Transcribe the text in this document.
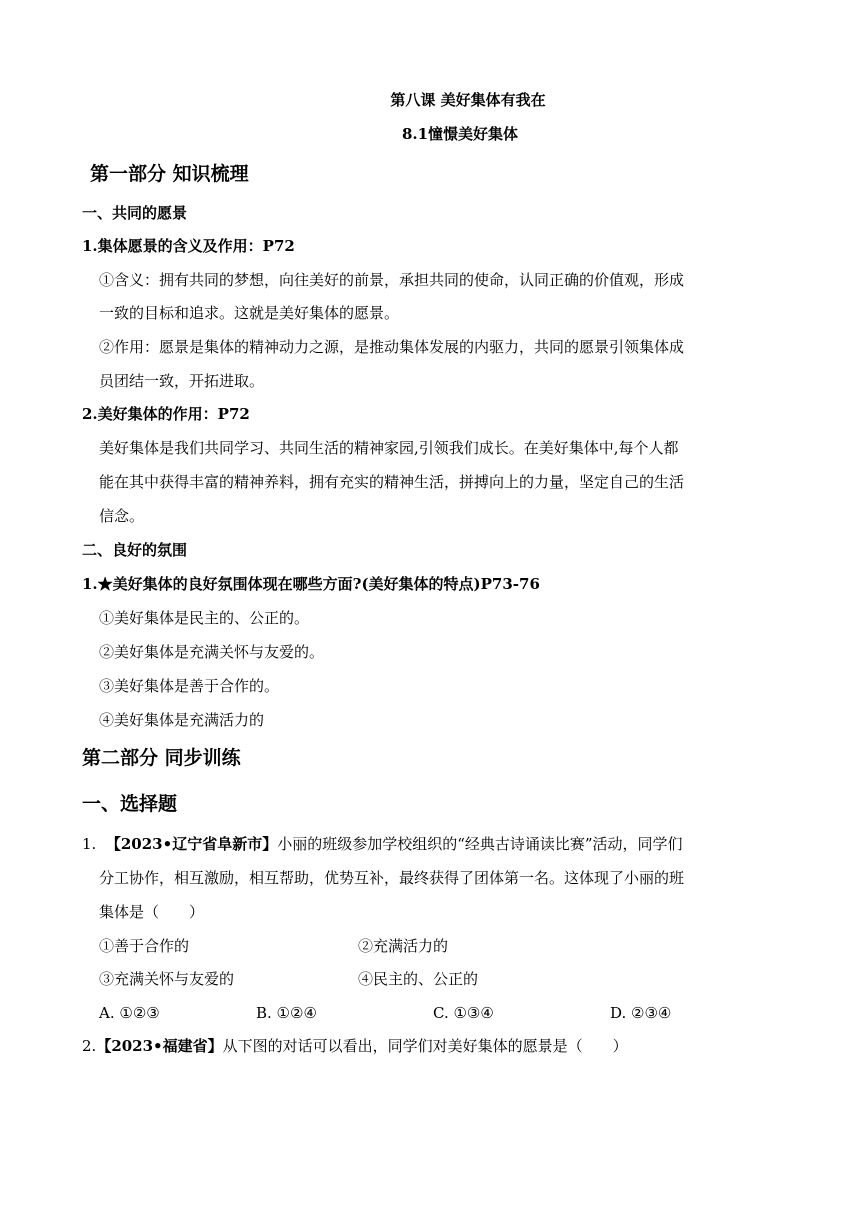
第八课 美好集体有我在
8.1憧憬美好集体
第一部分 知识梳理
一、共同的愿景
1.集体愿景的含义及作用：P72
①含义：拥有共同的梦想，向往美好的前景，承担共同的使命，认同正确的价值观，形成
一致的目标和追求。这就是美好集体的愿景。
②作用：愿景是集体的精神动力之源，是推动集体发展的内驱力，共同的愿景引领集体成
员团结一致，开拓进取。
2.美好集体的作用：P72
美好集体是我们共同学习、共同生活的精神家园,引领我们成长。在美好集体中,每个人都
能在其中获得丰富的精神养料，拥有充实的精神生活，拼搏向上的力量，坚定自己的生活
信念。
二、良好的氛围
1.★美好集体的良好氛围体现在哪些方面?(美好集体的特点)P73-76
①美好集体是民主的、公正的。
②美好集体是充满关怀与友爱的。
③美好集体是善于合作的。
④美好集体是充满活力的
第二部分 同步训练
一、选择题
1. 【2023•辽宁省阜新市】小丽的班级参加学校组织的“经典古诗诵读比赛”活动，同学们
分工协作，相互激励，相互帮助，优势互补，最终获得了团体第一名。这体现了小丽的班
集体是（　　）
①善于合作的	②充满活力的
③充满关怀与友爱的	④民主的、公正的
A. ①②③	B. ①②④	C. ①③④	D. ②③④
2.【2023•福建省】从下图的对话可以看出，同学们对美好集体的愿景是（　　）
